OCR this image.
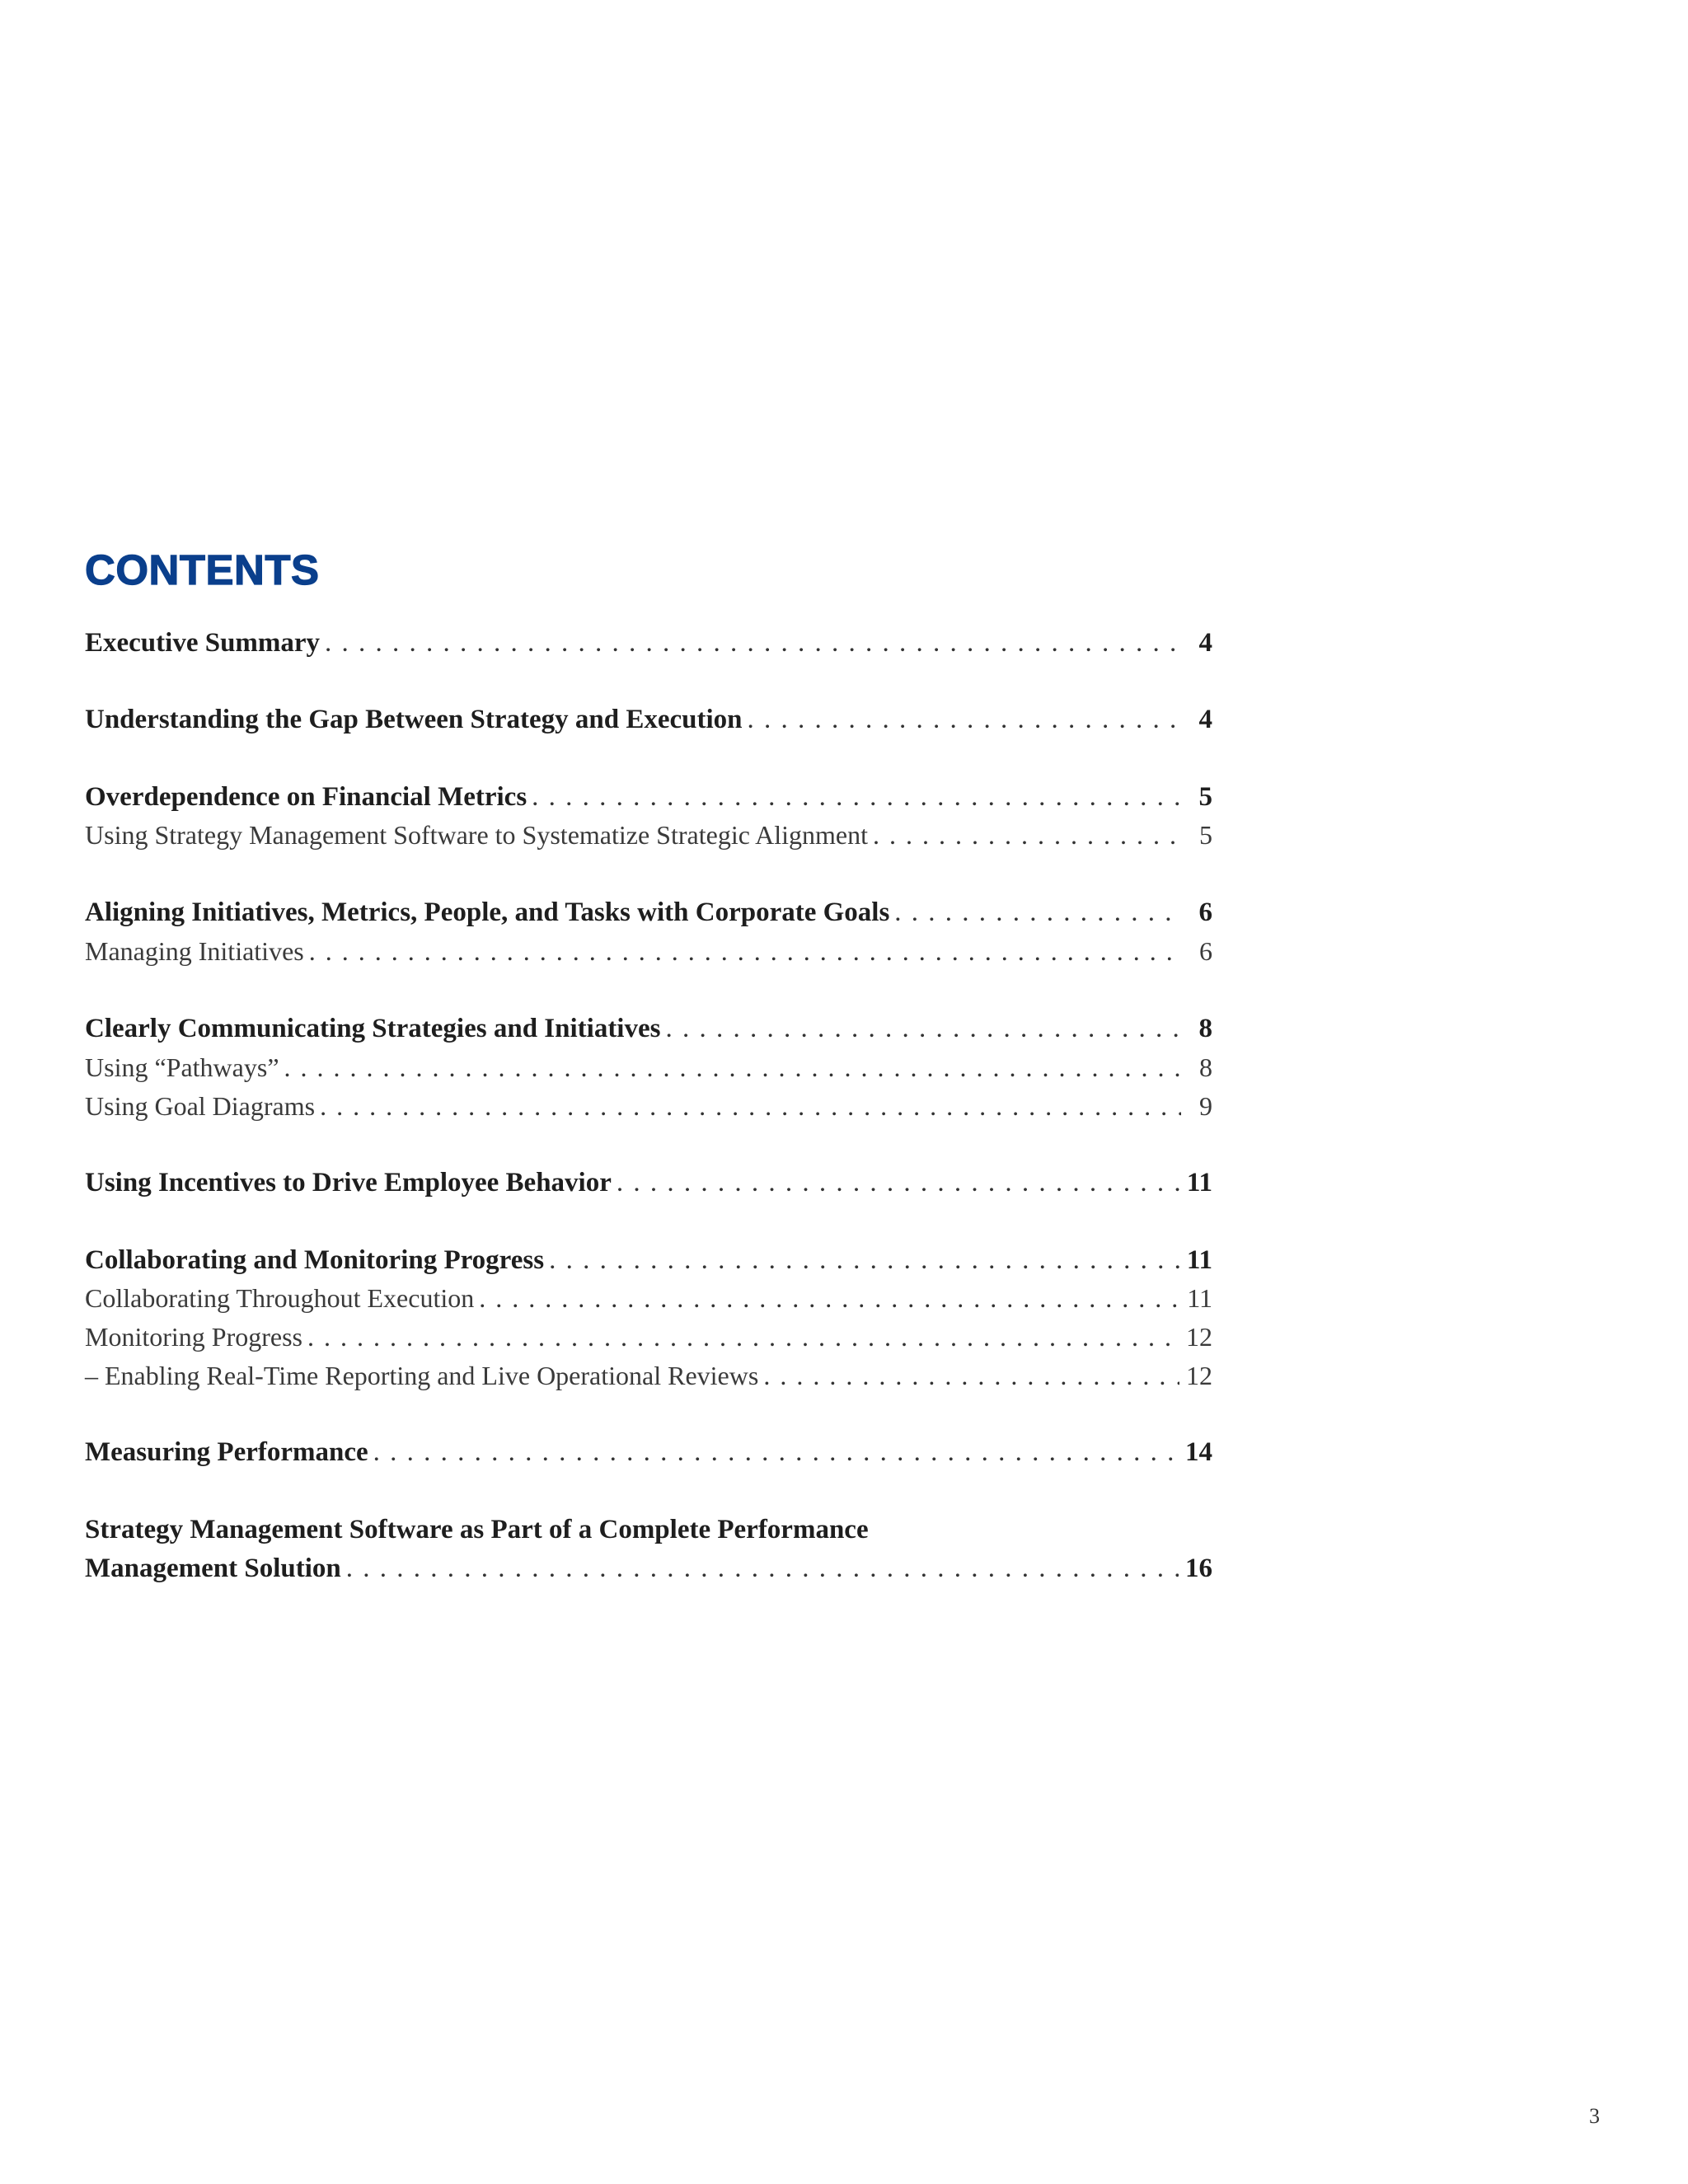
CONTENTS
Executive Summary . . .	4
Understanding the Gap Between Strategy and Execution . . .	4
Overdependence on Financial Metrics . . .	5
Using Strategy Management Software to Systematize Strategic Alignment . . .	5
Aligning Initiatives, Metrics, People, and Tasks with Corporate Goals . . .	6
Managing Initiatives . . .	6
Clearly Communicating Strategies and Initiatives . . .	8
Using “Pathways” . . .	8
Using Goal Diagrams . . .	9
Using Incentives to Drive Employee Behavior . . .	11
Collaborating and Monitoring Progress . . .	11
Collaborating Throughout Execution . . .	11
Monitoring Progress . . .	12
– Enabling Real-Time Reporting and Live Operational Reviews . . .	12
Measuring Performance . . .	14
Strategy Management Software as Part of a Complete Performance
Management Solution . . .	16
3
